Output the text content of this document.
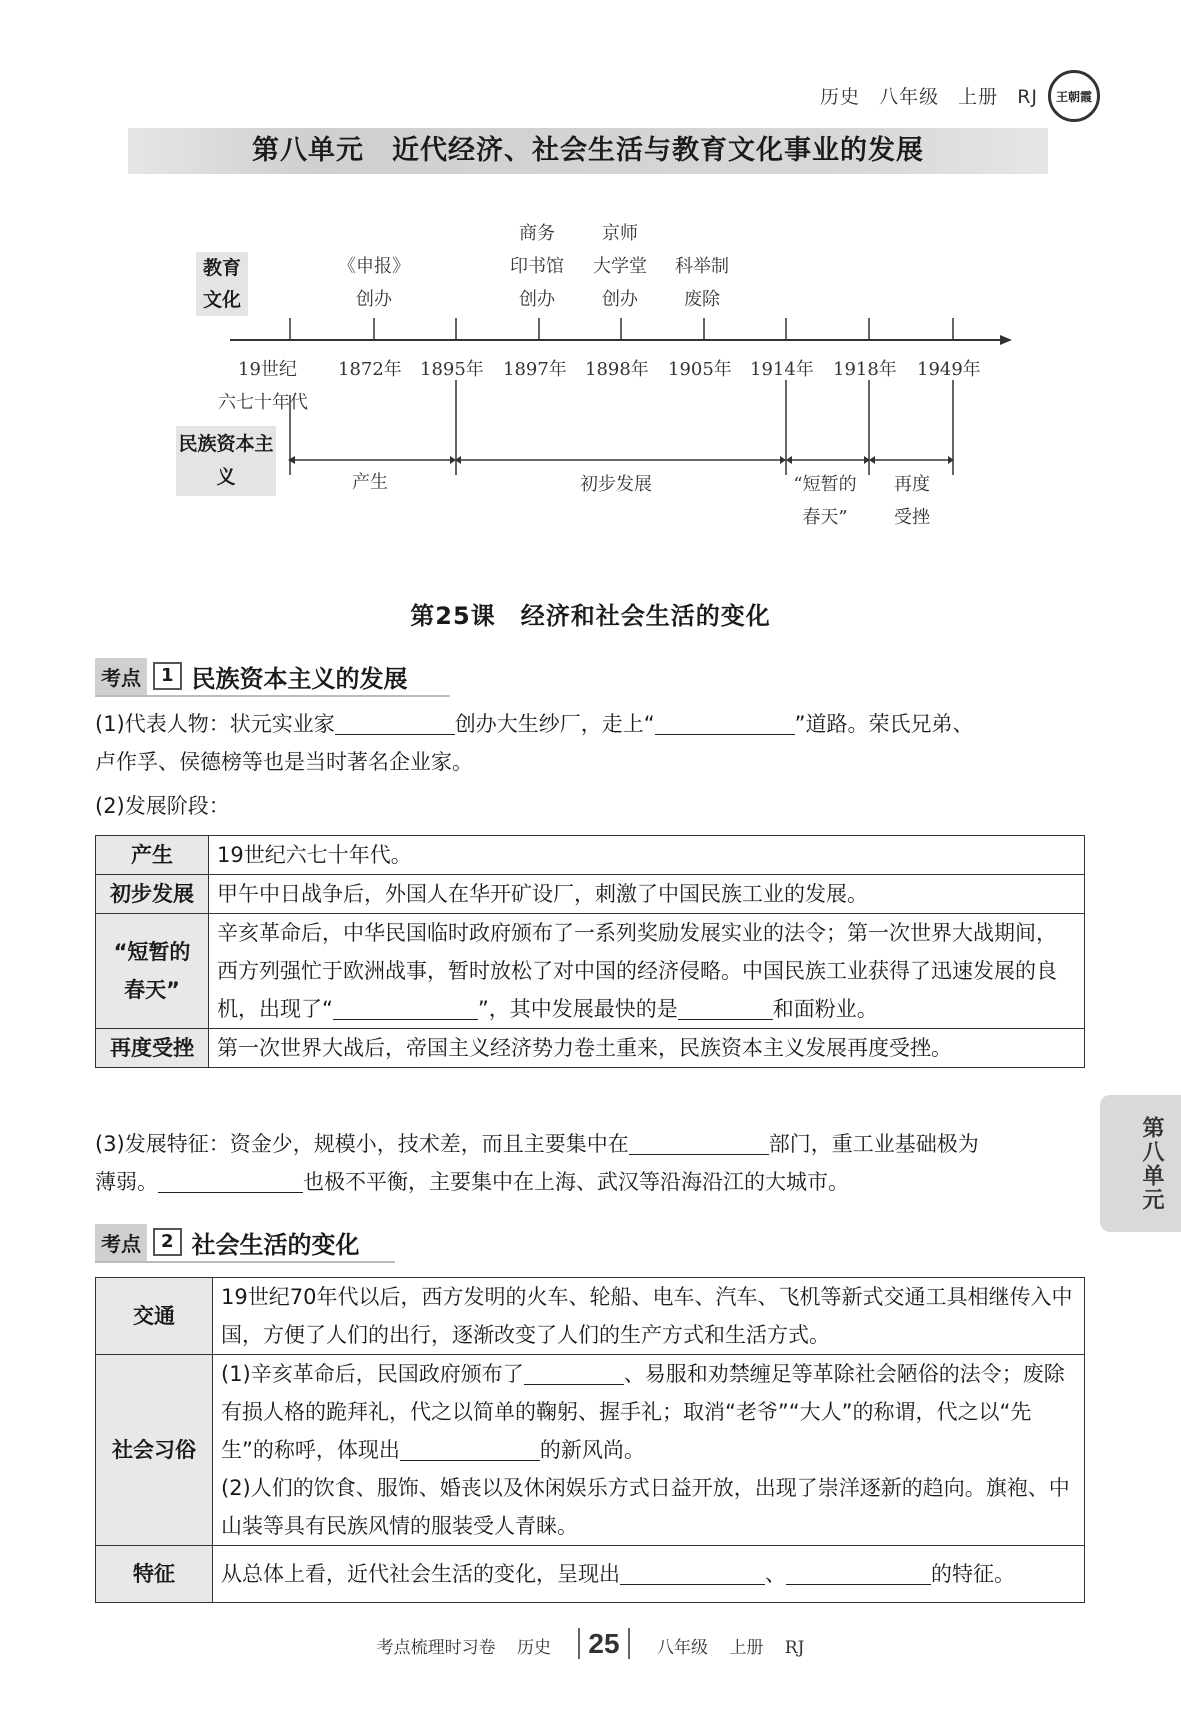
历史 八年级 上册 RJ	王朝霞
第八单元　近代经济、社会生活与教育文化事业的发展
教育文化
《申报》
创办
商务
印书馆
创办
京师
大学堂
创办
科举制
废除
19世纪
六七十年代
1872年 1895年 1897年 1898年 1905年 1914年 1918年 1949年
民族资本主义	产生	初步发展	“短暂的
春天”
再度
受挫
第25课　经济和社会生活的变化
考点	1 民族资本主义的发展
(1)代表人物：状元实业家	创办大生纱厂，走上“	”道路。荣氏兄弟、
卢作孚、侯德榜等也是当时著名企业家。
(2)发展阶段：
产生	19世纪六七十年代。
初步发展	甲午中日战争后，外国人在华开矿设厂，刺激了中国民族工业的发展。
“短暂的春天”	辛亥革命后，中华民国临时政府颁布了一系列奖励发展实业的法令；第一次世界大战期间，西方列强忙于欧洲战事，暂时放松了对中国的经济侵略。中国民族工业获得了迅速发展的良机，出现了“ ”，其中发展最快的是 和面粉业。
再度受挫	第一次世界大战后，帝国主义经济势力卷土重来，民族资本主义发展再度受挫。
(3)发展特征：资金少，规模小，技术差，而且主要集中在	部门，重工业基础极为
薄弱。	也极不平衡，主要集中在上海、武汉等沿海沿江的大城市。
考点	2 社会生活的变化
交通	19世纪70年代以后，西方发明的火车、轮船、电车、汽车、飞机等新式交通工具相继传入中国，方便了人们的出行，逐渐改变了人们的生产方式和生活方式。
社会习俗	(1)辛亥革命后，民国政府颁布了 、易服和劝禁缠足等革除社会陋俗的法令；废除有损人格的跪拜礼，代之以简单的鞠躬、握手礼；取消“老爷”“大人”的称谓，代之以“先生”的称呼，体现出 的新风尚。
(2)人们的饮食、服饰、婚丧以及休闲娱乐方式日益开放，出现了崇洋逐新的趋向。旗袍、中山装等具有民族风情的服装受人青睐。
特征	从总体上看，近代社会生活的变化，呈现出 、 的特征。
第八单元
考点梳理时习卷 历史 25 八年级 上册 RJ
